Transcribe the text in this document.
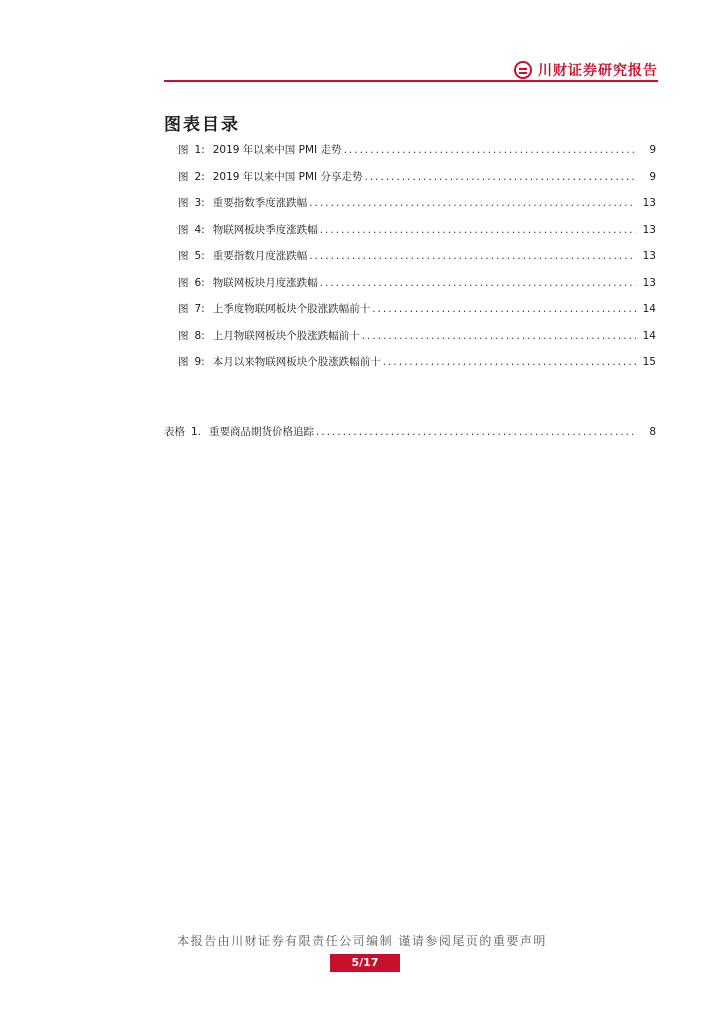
川财证券研究报告
图表目录
图 1: 2019 年以来中国 PMI 走势 .....	9
图 2: 2019 年以来中国 PMI 分享走势 .....	9
图 3: 重要指数季度涨跌幅 .....	13
图 4: 物联网板块季度涨跌幅 .....	13
图 5: 重要指数月度涨跌幅 .....	13
图 6: 物联网板块月度涨跌幅 .....	13
图 7: 上季度物联网板块个股涨跌幅前十 .....	14
图 8: 上月物联网板块个股涨跌幅前十 .....	14
图 9: 本月以来物联网板块个股涨跌幅前十 .....	15
表格 1. 重要商品期货价格追踪 .....	8
本报告由川财证券有限责任公司编制 谨请参阅尾页的重要声明
5/17
